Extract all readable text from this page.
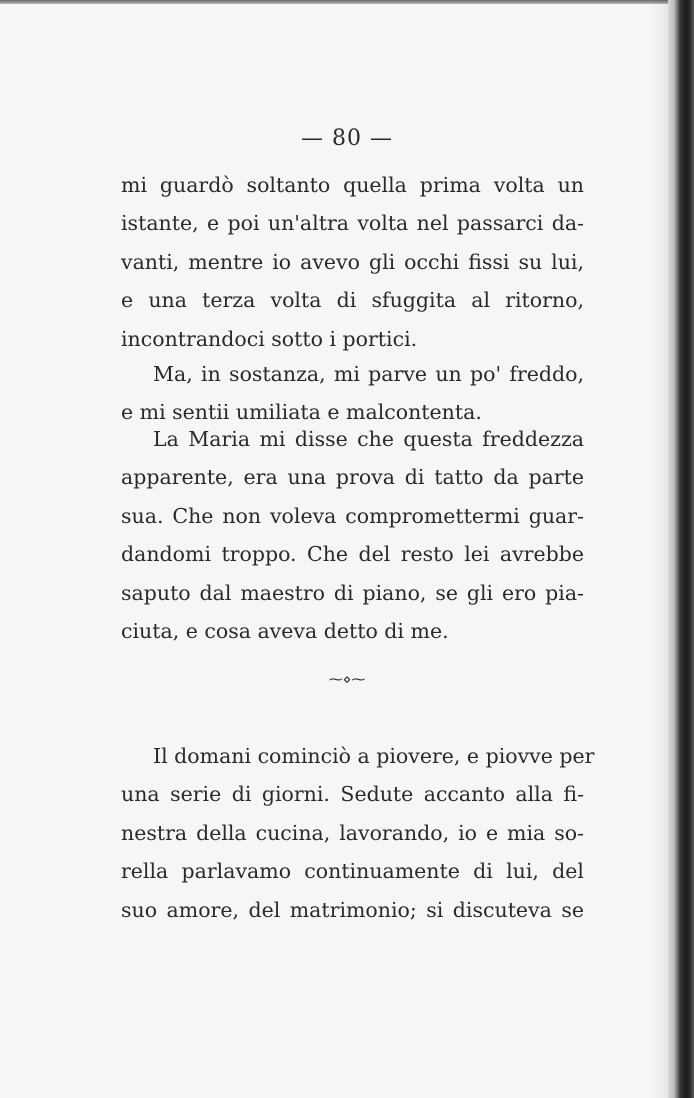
— 80 —
mi guardò soltanto quella prima volta un
istante, e poi un'altra volta nel passarci da-
vanti, mentre io avevo gli occhi fissi su lui,
e una terza volta di sfuggita al ritorno,
incontrandoci sotto i portici.
Ma, in sostanza, mi parve un po' freddo,
e mi sentii umiliata e malcontenta.
La Maria mi disse che questa freddezza
apparente, era una prova di tatto da parte
sua. Che non voleva compromettermi guar-
dandomi troppo. Che del resto lei avrebbe
saputo dal maestro di piano, se gli ero pia-
ciuta, e cosa aveva detto di me.
⁓⋄⁓
Il domani cominciò a piovere, e piovve per
una serie di giorni. Sedute accanto alla fi-
nestra della cucina, lavorando, io e mia so-
rella parlavamo continuamente di lui, del
suo amore, del matrimonio; si discuteva se
